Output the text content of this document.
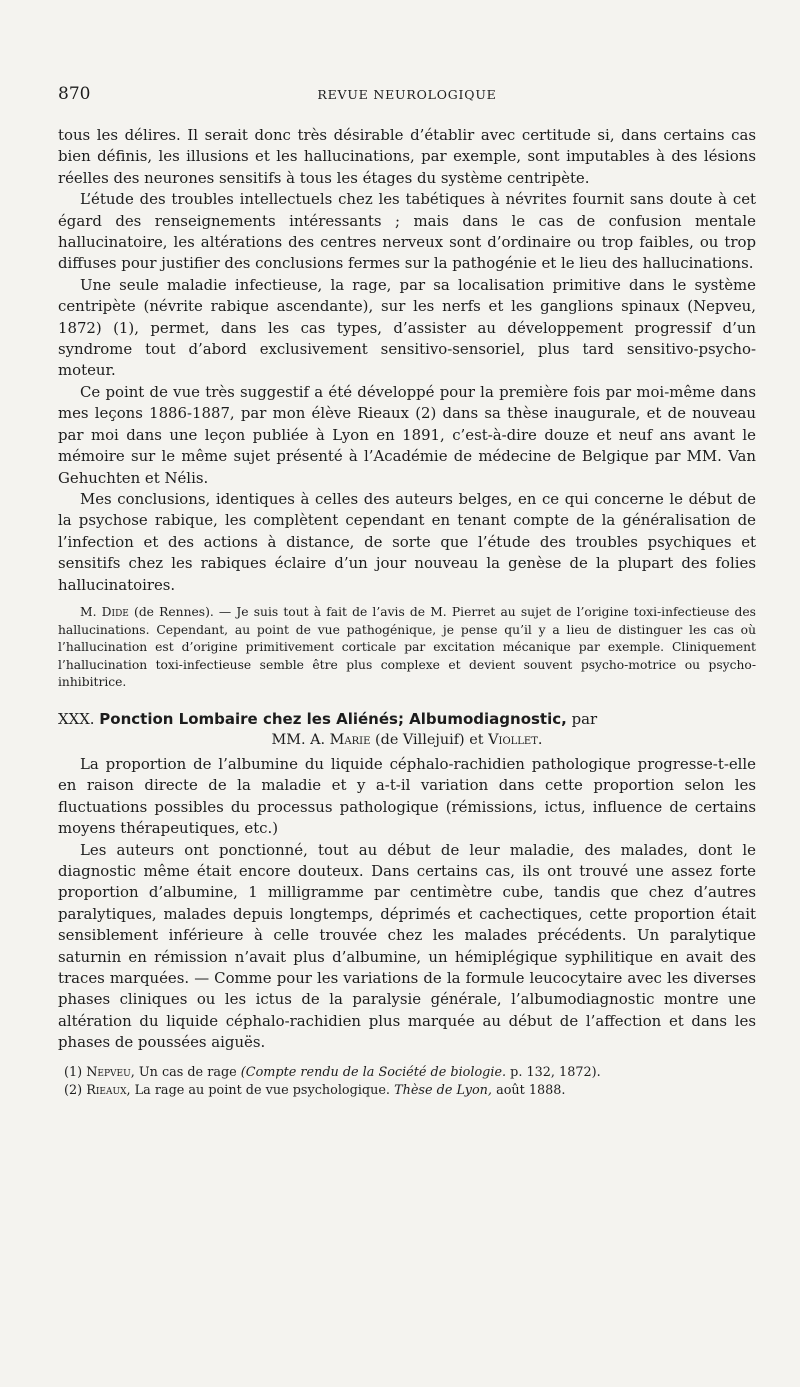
870	REVUE NEUROLOGIQUE

tous les délires. Il serait donc très désirable d’établir avec certitude si, dans certains cas bien définis, les illusions et les hallucinations, par exemple, sont imputables à des lésions réelles des neurones sensitifs à tous les étages du système centripète.

L’étude des troubles intellectuels chez les tabétiques à névrites fournit sans doute à cet égard des renseignements intéressants ; mais dans le cas de confusion mentale hallucinatoire, les altérations des centres nerveux sont d’ordinaire ou trop faibles, ou trop diffuses pour justifier des conclusions fermes sur la pathogénie et le lieu des hallucinations.

Une seule maladie infectieuse, la rage, par sa localisation primitive dans le système centripète (névrite rabique ascendante), sur les nerfs et les ganglions spinaux (Nepveu, 1872) (1), permet, dans les cas types, d’assister au développement progressif d’un syndrome tout d’abord exclusivement sensitivo-sensoriel, plus tard sensitivo-psycho-moteur.

Ce point de vue très suggestif a été développé pour la première fois par moi-même dans mes leçons 1886-1887, par mon élève Rieaux (2) dans sa thèse inaugurale, et de nouveau par moi dans une leçon publiée à Lyon en 1891, c’est-à-dire douze et neuf ans avant le mémoire sur le même sujet présenté à l’Académie de médecine de Belgique par MM. Van Gehuchten et Nélis.

Mes conclusions, identiques à celles des auteurs belges, en ce qui concerne le début de la psychose rabique, les complètent cependant en tenant compte de la généralisation de l’infection et des actions à distance, de sorte que l’étude des troubles psychiques et sensitifs chez les rabiques éclaire d’un jour nouveau la genèse de la plupart des folies hallucinatoires.

M. Dide (de Rennes). — Je suis tout à fait de l’avis de M. Pierret au sujet de l’origine toxi-infectieuse des hallucinations. Cependant, au point de vue pathogénique, je pense qu’il y a lieu de distinguer les cas où l’hallucination est d’origine primitivement corticale par excitation mécanique par exemple. Cliniquement l’hallucination toxi-infectieuse semble être plus complexe et devient souvent psycho-motrice ou psycho-inhibitrice.

XXX. Ponction Lombaire chez les Aliénés; Albumodiagnostic, par
MM. A. Marie (de Villejuif) et Viollet.

La proportion de l’albumine du liquide céphalo-rachidien pathologique progresse-t-elle en raison directe de la maladie et y a-t-il variation dans cette proportion selon les fluctuations possibles du processus pathologique (rémissions, ictus, influence de certains moyens thérapeutiques, etc.)

Les auteurs ont ponctionné, tout au début de leur maladie, des malades, dont le diagnostic même était encore douteux. Dans certains cas, ils ont trouvé une assez forte proportion d’albumine, 1 milligramme par centimètre cube, tandis que chez d’autres paralytiques, malades depuis longtemps, déprimés et cachectiques, cette proportion était sensiblement inférieure à celle trouvée chez les malades précédents. Un paralytique saturnin en rémission n’avait plus d’albumine, un hémiplégique syphilitique en avait des traces marquées. — Comme pour les variations de la formule leucocytaire avec les diverses phases cliniques ou les ictus de la paralysie générale, l’albumodiagnostic montre une altération du liquide céphalo-rachidien plus marquée au début de l’affection et dans les phases de poussées aiguës.

(1) Nepveu, Un cas de rage (Compte rendu de la Société de biologie. p. 132, 1872).

(2) Rieaux, La rage au point de vue psychologique. Thèse de Lyon, août 1888.
